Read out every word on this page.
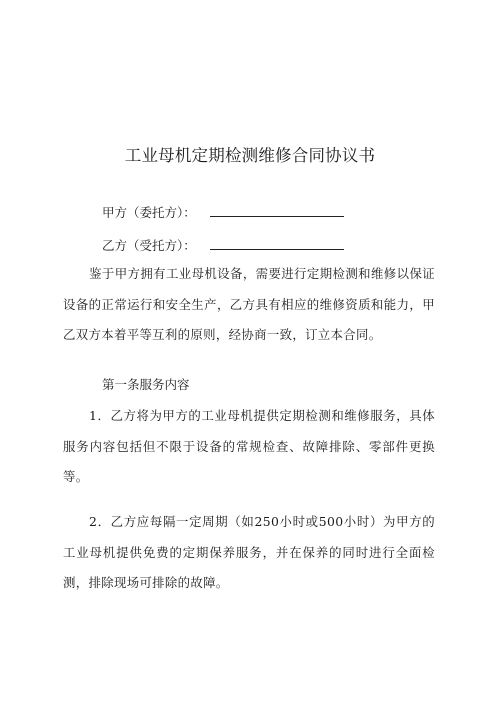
工业母机定期检测维修合同协议书
甲方（委托方）：
乙方（受托方）：
鉴于甲方拥有工业母机设备，需要进行定期检测和维修以保证设备的正常运行和安全生产，乙方具有相应的维修资质和能力，甲乙双方本着平等互利的原则，经协商一致，订立本合同。
第一条服务内容
1．乙方将为甲方的工业母机提供定期检测和维修服务，具体服务内容包括但不限于设备的常规检查、故障排除、零部件更换等。
2．乙方应每隔一定周期（如250小时或500小时）为甲方的工业母机提供免费的定期保养服务，并在保养的同时进行全面检测，排除现场可排除的故障。
